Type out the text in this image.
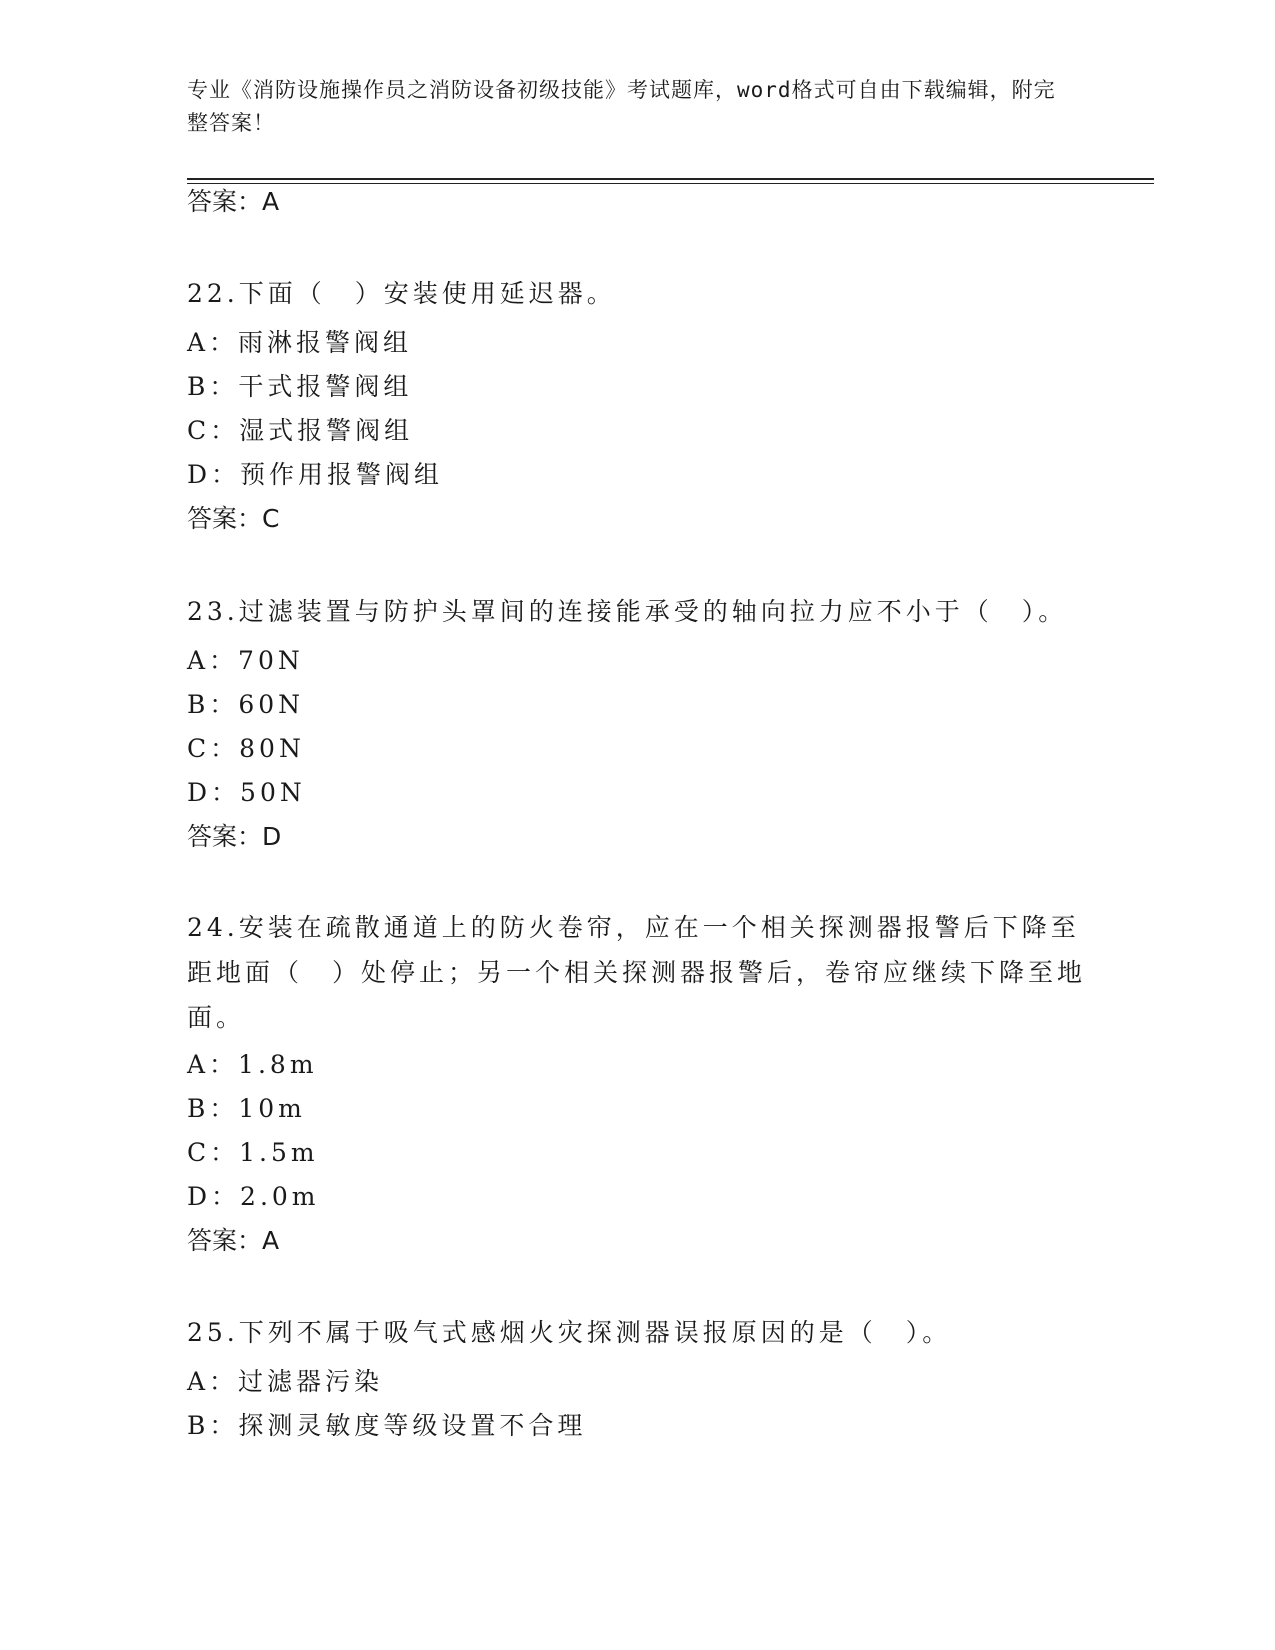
专业《消防设施操作员之消防设备初级技能》考试题库，word格式可自由下载编辑，附完整答案！
答案：A
22.下面（　）安装使用延迟器。
A：雨淋报警阀组
B：干式报警阀组
C：湿式报警阀组
D：预作用报警阀组
答案：C
23.过滤装置与防护头罩间的连接能承受的轴向拉力应不小于（　）。
A：70N
B：60N
C：80N
D：50N
答案：D
24.安装在疏散通道上的防火卷帘，应在一个相关探测器报警后下降至距地面（　）处停止；另一个相关探测器报警后，卷帘应继续下降至地面。
A：1.8m
B：10m
C：1.5m
D：2.0m
答案：A
25.下列不属于吸气式感烟火灾探测器误报原因的是（　）。
A：过滤器污染
B：探测灵敏度等级设置不合理
